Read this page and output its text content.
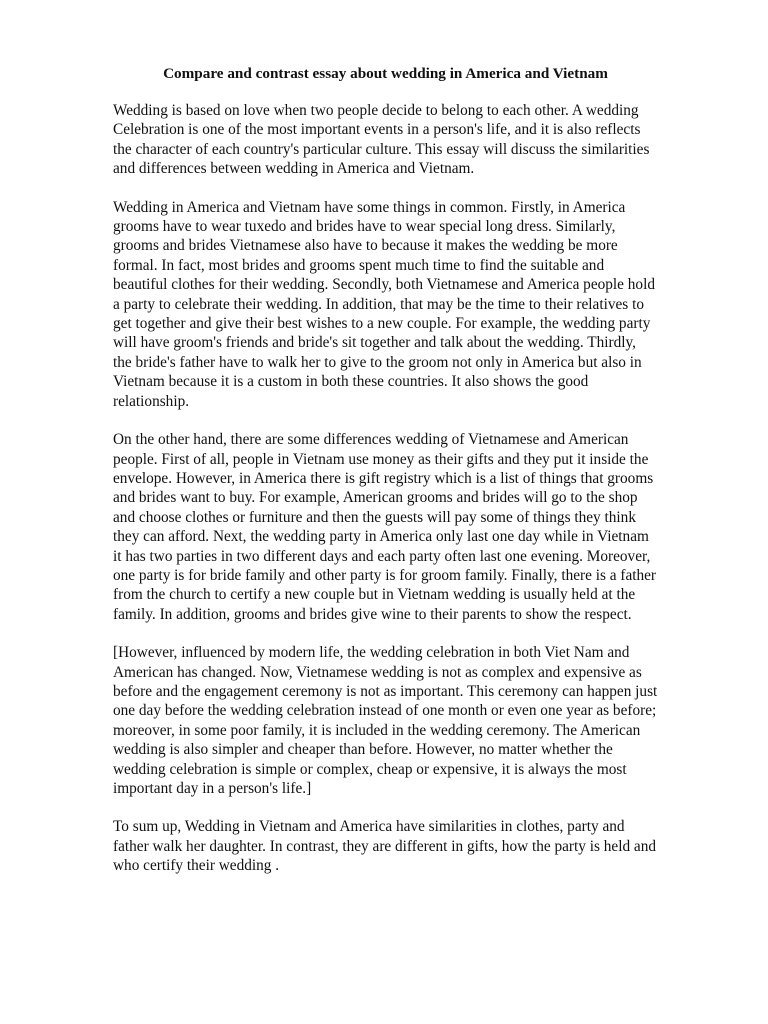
Compare and contrast essay about wedding in America and Vietnam

Wedding is based on love when two people decide to belong to each other. A wedding Celebration is one of the most important events in a person's life, and it is also reflects the character of each country's particular culture. This essay will discuss the similarities and differences between wedding in America and Vietnam.

Wedding in America and Vietnam have some things in common. Firstly, in America grooms have to wear tuxedo and brides have to wear special long dress. Similarly, grooms and brides Vietnamese also have to because it makes the wedding be more formal. In fact, most brides and grooms spent much time to find the suitable and beautiful clothes for their wedding. Secondly, both Vietnamese and America people hold a party to celebrate their wedding. In addition, that may be the time to their relatives to get together and give their best wishes to a new couple. For example, the wedding party will have groom's friends and bride's sit together and talk about the wedding. Thirdly, the bride's father have to walk her to give to the groom not only in America but also in Vietnam because it is a custom in both these countries. It also shows the good relationship.

On the other hand, there are some differences wedding of Vietnamese and American people. First of all, people in Vietnam use money as their gifts and they put it inside the envelope. However, in America there is gift registry which is a list of things that grooms and brides want to buy. For example, American grooms and brides will go to the shop and choose clothes or furniture and then the guests will pay some of things they think they can afford. Next, the wedding party in America only last one day while in Vietnam it has two parties in two different days and each party often last one evening. Moreover, one party is for bride family and other party is for groom family. Finally, there is a father from the church to certify a new couple but in Vietnam wedding is usually held at the family. In addition, grooms and brides give wine to their parents to show the respect.

[However, influenced by modern life, the wedding celebration in both Viet Nam and American has changed. Now, Vietnamese wedding is not as complex and expensive as before and the engagement ceremony is not as important. This ceremony can happen just one day before the wedding celebration instead of one month or even one year as before; moreover, in some poor family, it is included in the wedding ceremony. The American wedding is also simpler and cheaper than before. However, no matter whether the wedding celebration is simple or complex, cheap or expensive, it is always the most important day in a person's life.]

To sum up, Wedding in Vietnam and America have similarities in clothes, party and father walk her daughter. In contrast, they are different in gifts, how the party is held and who certify their wedding .
